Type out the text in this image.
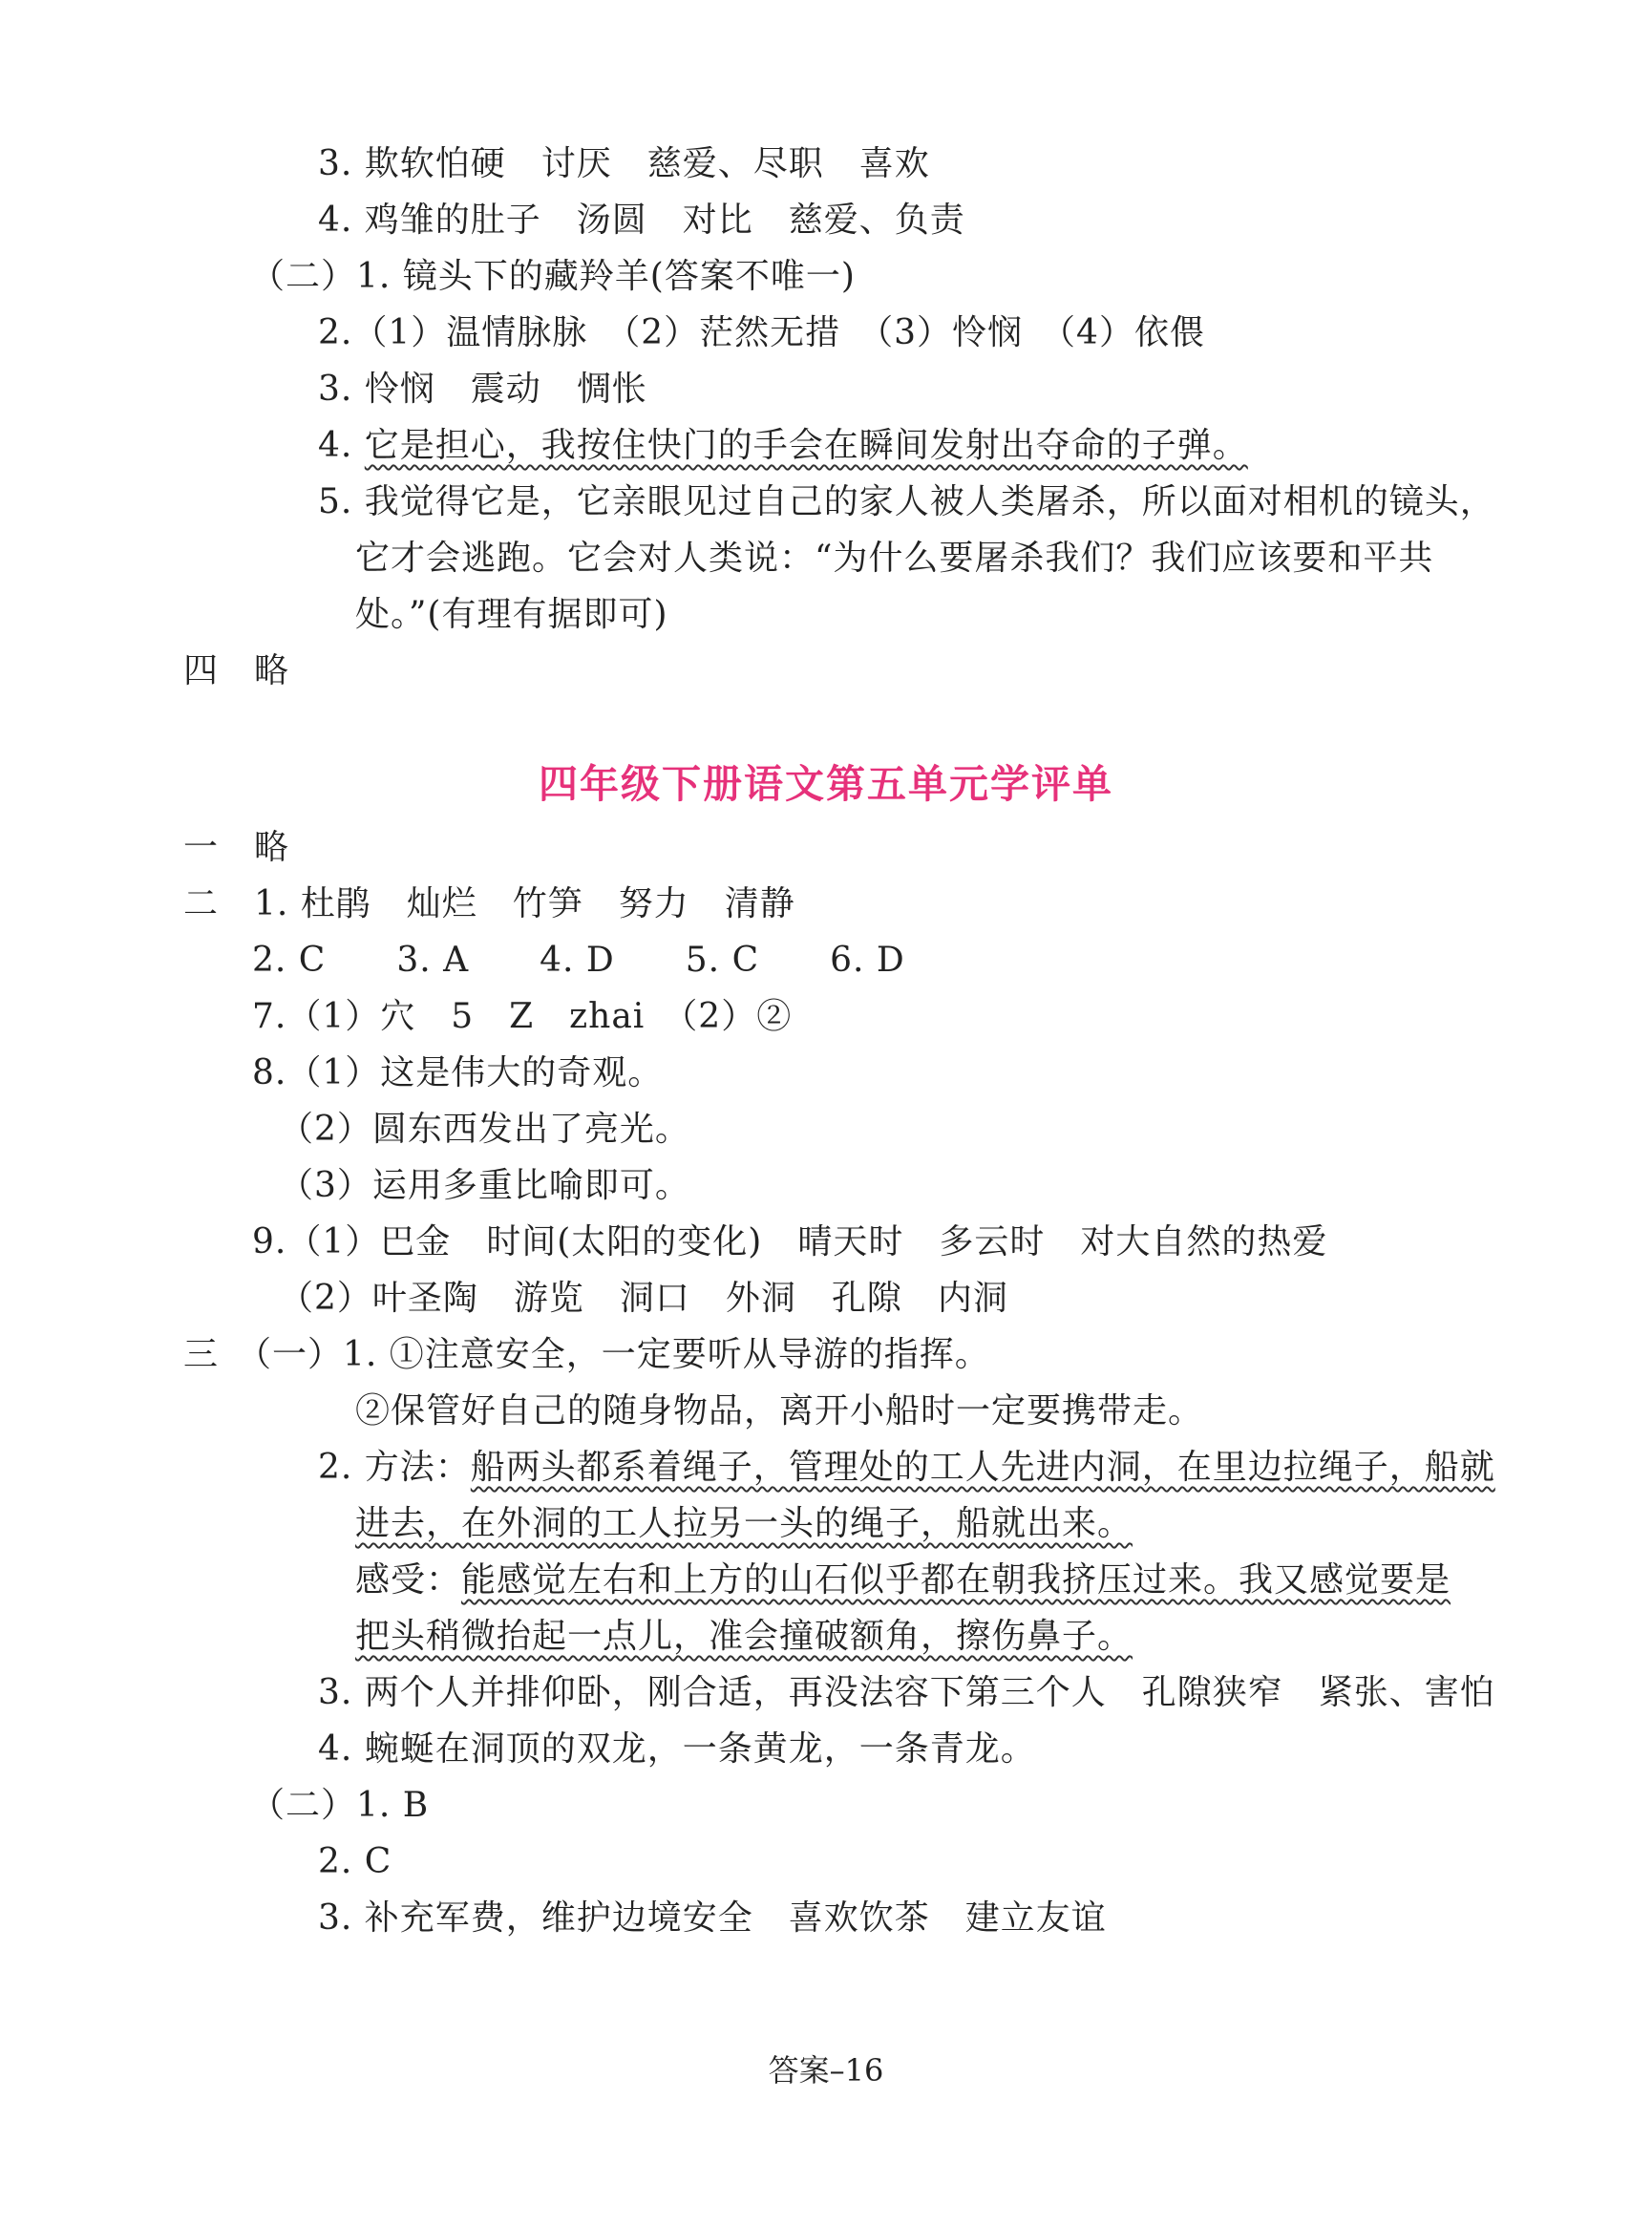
3. 欺软怕硬　讨厌　慈爱、尽职　喜欢
4. 鸡雏的肚子　汤圆　对比　慈爱、负责
（二）1. 镜头下的藏羚羊(答案不唯一)
2.（1）温情脉脉　（2）茫然无措　（3）怜悯　（4）依偎
3. 怜悯　震动　惆怅
4. 它是担心，我按住快门的手会在瞬间发射出夺命的子弹。
5. 我觉得它是，它亲眼见过自己的家人被人类屠杀，所以面对相机的镜头，
它才会逃跑。它会对人类说：“为什么要屠杀我们？我们应该要和平共
处。”(有理有据即可)
四　略
四年级下册语文第五单元学评单
一　略
二　1. 杜鹃　灿烂　竹笋　努力　清静
2. C　　3. A　　4. D　　5. C　　6. D
7.（1）穴　5　Z　zhai　（2）②
8.（1）这是伟大的奇观。
（2）圆东西发出了亮光。
（3）运用多重比喻即可。
9.（1）巴金　时间(太阳的变化)　晴天时　多云时　对大自然的热爱
（2）叶圣陶　游览　洞口　外洞　孔隙　内洞
三　（一）1. ①注意安全，一定要听从导游的指挥。
②保管好自己的随身物品，离开小船时一定要携带走。
2. 方法：船两头都系着绳子，管理处的工人先进内洞，在里边拉绳子，船就
进去，在外洞的工人拉另一头的绳子，船就出来。
感受：能感觉左右和上方的山石似乎都在朝我挤压过来。我又感觉要是
把头稍微抬起一点儿，准会撞破额角，擦伤鼻子。
3. 两个人并排仰卧，刚合适，再没法容下第三个人　孔隙狭窄　紧张、害怕
4. 蜿蜒在洞顶的双龙，一条黄龙，一条青龙。
（二）1. B
2. C
3. 补充军费，维护边境安全　喜欢饮茶　建立友谊
答案–16
